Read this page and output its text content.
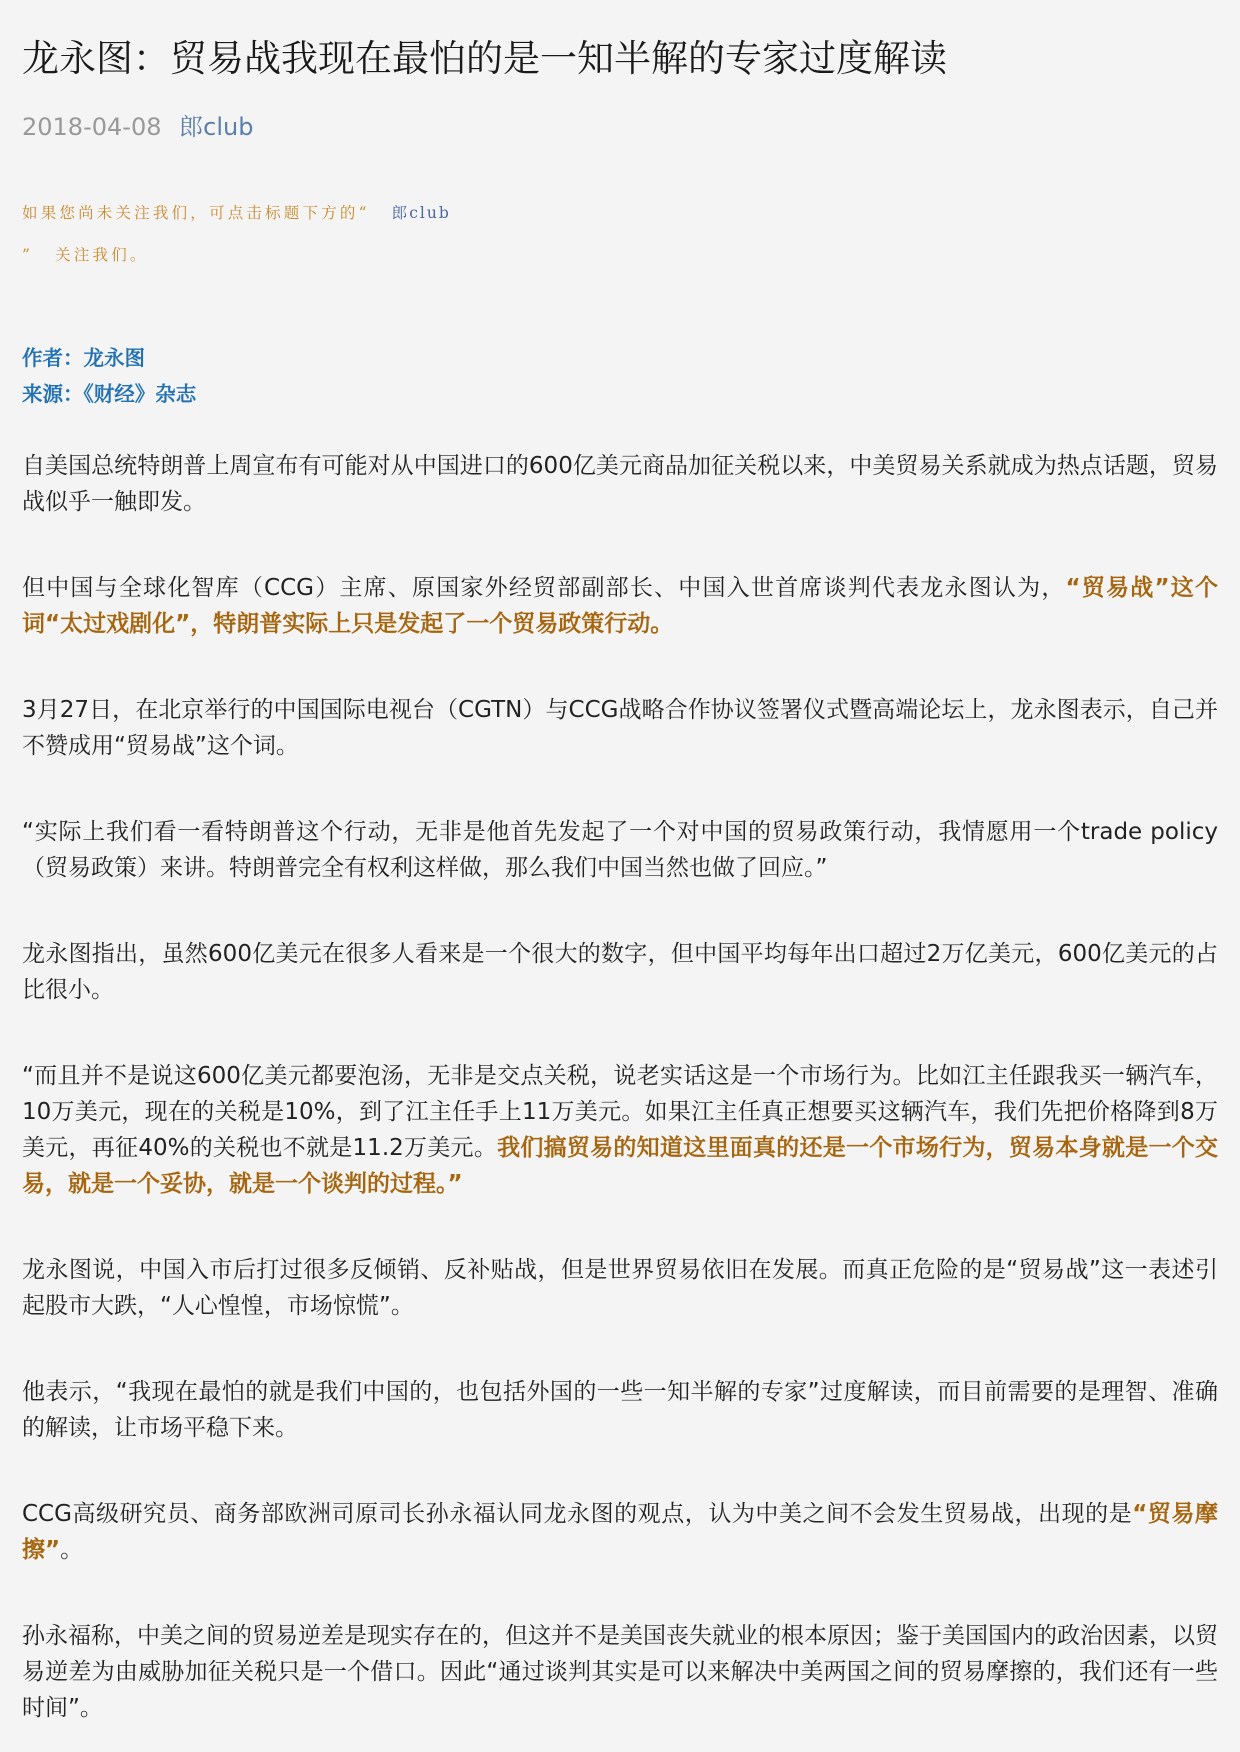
龙永图：贸易战我现在最怕的是一知半解的专家过度解读
2018-04-08 郎club
如果您尚未关注我们，可点击标题下方的“ 郎club
” 关注我们。
作者：龙永图
来源：《财经》杂志

自美国总统特朗普上周宣布有可能对从中国进口的600亿美元商品加征关税以来，中美贸易关系就成为热点话题，贸易战似乎一触即发。

但中国与全球化智库（CCG）主席、原国家外经贸部副部长、中国入世首席谈判代表龙永图认为，“贸易战”这个词“太过戏剧化”，特朗普实际上只是发起了一个贸易政策行动。

3月27日，在北京举行的中国国际电视台（CGTN）与CCG战略合作协议签署仪式暨高端论坛上，龙永图表示，自己并不赞成用“贸易战”这个词。

“实际上我们看一看特朗普这个行动，无非是他首先发起了一个对中国的贸易政策行动，我情愿用一个trade policy（贸易政策）来讲。特朗普完全有权利这样做，那么我们中国当然也做了回应。”

龙永图指出，虽然600亿美元在很多人看来是一个很大的数字，但中国平均每年出口超过2万亿美元，600亿美元的占比很小。

“而且并不是说这600亿美元都要泡汤，无非是交点关税，说老实话这是一个市场行为。比如江主任跟我买一辆汽车，10万美元，现在的关税是10%，到了江主任手上11万美元。如果江主任真正想要买这辆汽车，我们先把价格降到8万美元，再征40%的关税也不就是11.2万美元。我们搞贸易的知道这里面真的还是一个市场行为，贸易本身就是一个交易，就是一个妥协，就是一个谈判的过程。”

龙永图说，中国入市后打过很多反倾销、反补贴战，但是世界贸易依旧在发展。而真正危险的是“贸易战”这一表述引起股市大跌，“人心惶惶，市场惊慌”。

他表示，“我现在最怕的就是我们中国的，也包括外国的一些一知半解的专家”过度解读，而目前需要的是理智、准确的解读，让市场平稳下来。

CCG高级研究员、商务部欧洲司原司长孙永福认同龙永图的观点，认为中美之间不会发生贸易战，出现的是“贸易摩擦”。

孙永福称，中美之间的贸易逆差是现实存在的，但这并不是美国丧失就业的根本原因；鉴于美国国内的政治因素，以贸易逆差为由威胁加征关税只是一个借口。因此“通过谈判其实是可以来解决中美两国之间的贸易摩擦的，我们还有一些时间”。
